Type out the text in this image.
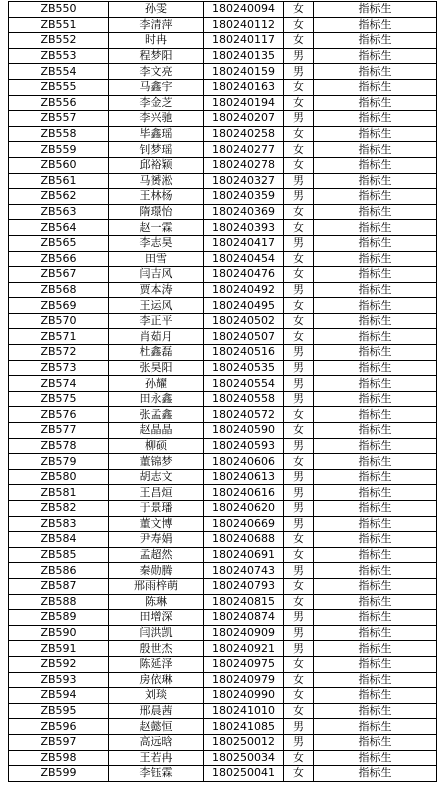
ZB550	孙雯	180240094	女	指标生
ZB551	李清萍	180240112	女	指标生
ZB552	时冉	180240117	女	指标生
ZB553	程梦阳	180240135	男	指标生
ZB554	李文亮	180240159	男	指标生
ZB555	马鑫宇	180240163	女	指标生
ZB556	李金芝	180240194	女	指标生
ZB557	李兴驰	180240207	男	指标生
ZB558	毕鑫瑶	180240258	女	指标生
ZB559	钊梦瑶	180240277	女	指标生
ZB560	邱裕颖	180240278	女	指标生
ZB561	马赟淞	180240327	男	指标生
ZB562	王林杨	180240359	男	指标生
ZB563	隋璟怡	180240369	女	指标生
ZB564	赵一霖	180240393	女	指标生
ZB565	李志昊	180240417	男	指标生
ZB566	田雪	180240454	女	指标生
ZB567	闫吉风	180240476	女	指标生
ZB568	贾本涛	180240492	男	指标生
ZB569	王运风	180240495	女	指标生
ZB570	李正平	180240502	女	指标生
ZB571	肖茹月	180240507	女	指标生
ZB572	杜鑫磊	180240516	男	指标生
ZB573	张昊阳	180240535	男	指标生
ZB574	孙耀	180240554	男	指标生
ZB575	田永鑫	180240558	男	指标生
ZB576	张孟鑫	180240572	女	指标生
ZB577	赵晶晶	180240590	女	指标生
ZB578	柳硕	180240593	男	指标生
ZB579	董锦梦	180240606	女	指标生
ZB580	胡志文	180240613	男	指标生
ZB581	王昌烜	180240616	男	指标生
ZB582	于景璠	180240620	男	指标生
ZB583	董文博	180240669	男	指标生
ZB584	尹寿娟	180240688	女	指标生
ZB585	孟超然	180240691	女	指标生
ZB586	秦勋腾	180240743	男	指标生
ZB587	邢雨梓萌	180240793	女	指标生
ZB588	陈琳	180240815	女	指标生
ZB589	田增深	180240874	男	指标生
ZB590	闫洪凯	180240909	男	指标生
ZB591	殷世杰	180240921	男	指标生
ZB592	陈延泽	180240975	女	指标生
ZB593	房依琳	180240979	女	指标生
ZB594	刘琰	180240990	女	指标生
ZB595	邢晨茜	180241010	女	指标生
ZB596	赵懿恒	180241085	男	指标生
ZB597	高远晗	180250012	男	指标生
ZB598	王若冉	180250034	女	指标生
ZB599	李钰霖	180250041	女	指标生
